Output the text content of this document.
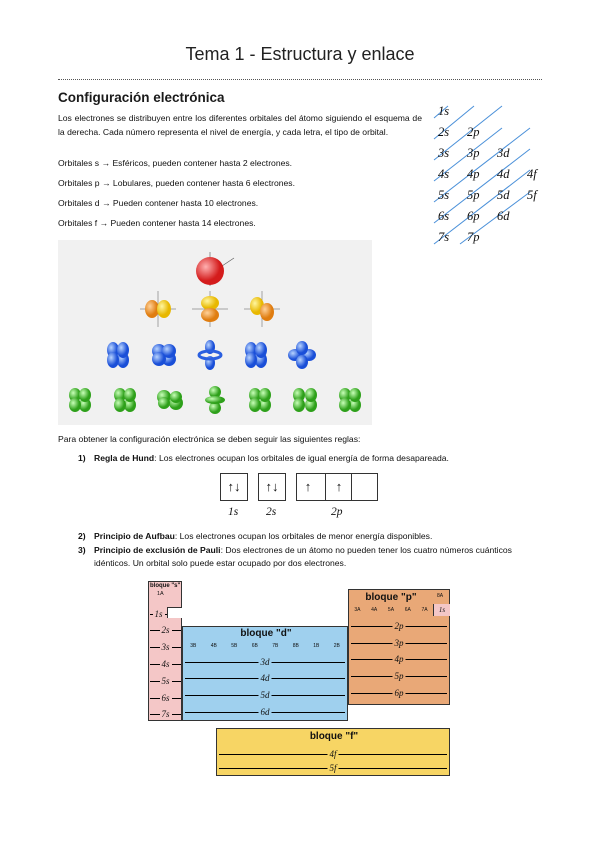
Tema 1 - Estructura y enlace
Configuración electrónica
Los electrones se distribuyen entre los diferentes orbitales del átomo siguiendo el esquema de la derecha. Cada número representa el nivel de energía, y cada letra, el tipo de orbital.
Orbitales s → Esféricos, pueden contener hasta 2 electrones.
Orbitales p → Lobulares, pueden contener hasta 6 electrones.
Orbitales d → Pueden contener hasta 10 electrones.
Orbitales f → Pueden contener hasta 14 electrones.
1s
2s 2p
3s 3p 3d
4s 4p 4d 4f
5s 5p 5d 5f
6s 6p 6d
7s 7p
Para obtener la configuración electrónica se deben seguir las siguientes reglas:
1) Regla de Hund: Los electrones ocupan los orbitales de igual energía de forma desapareada.
↑↓ ↑↓	↑	↑
1s 2s	2p
2) Principio de Aufbau: Los electrones ocupan los orbitales de menor energía disponibles.
3) Principio de exclusión de Pauli: Dos electrones de un átomo no pueden tener los cuatro números cuánticos idénticos. Un orbital solo puede estar ocupado por dos electrones.
bloque "s"
1A
1s
2s
3s
4s
5s
6s
7s
bloque "d"
3B	4B	5B	6B	7B	8B	1B	2B
3d
4d
5d
6d
bloque "p"
3A 4A 5A 6A 7A
8A
1s
2p
3p
4p
5p
6p
bloque "f"
4f
5f
